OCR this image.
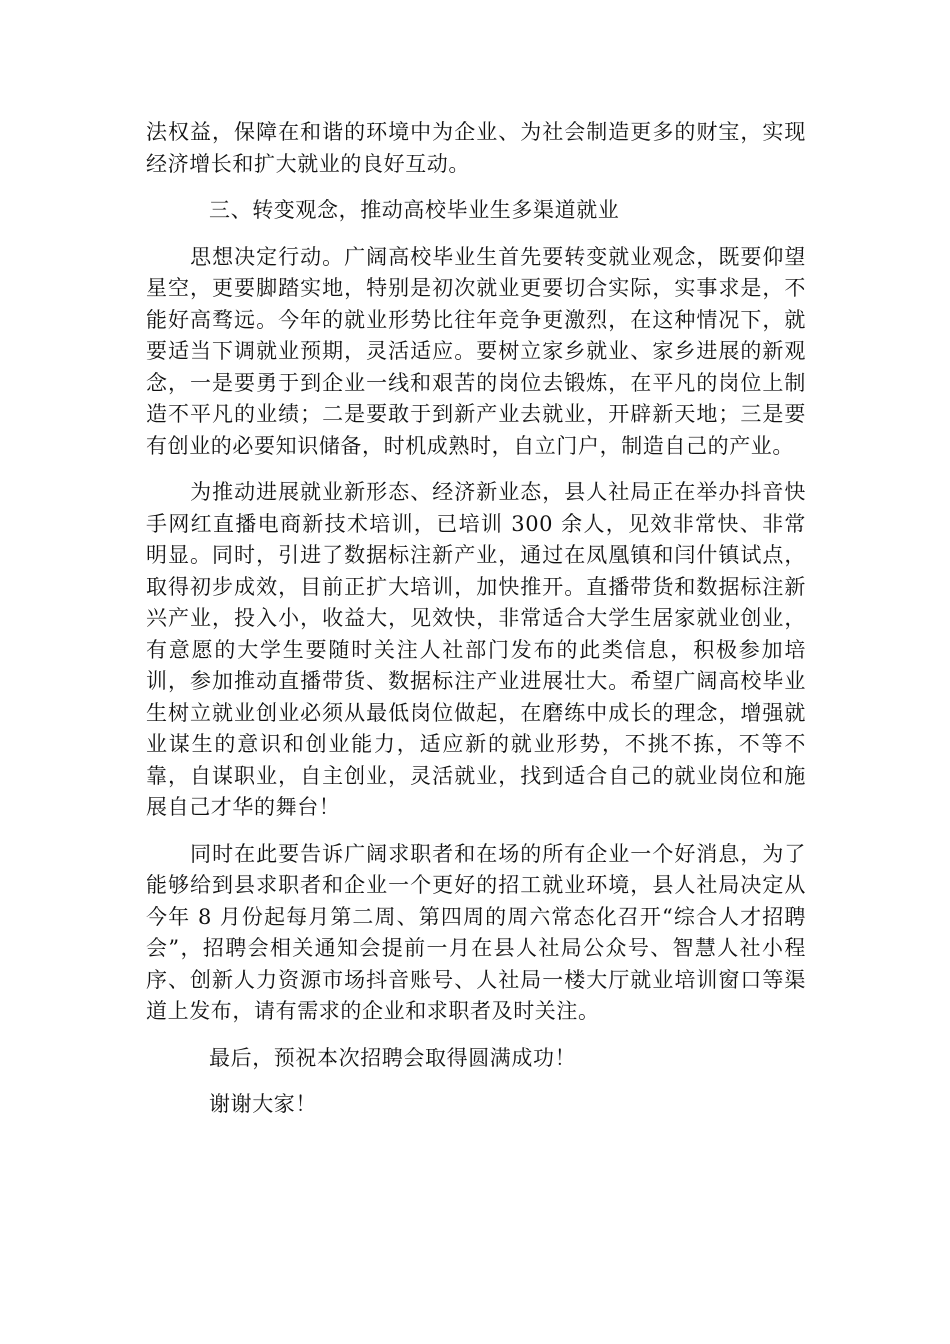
法权益，保障在和谐的环境中为企业、为社会制造更多的财宝，实现经济增长和扩大就业的良好互动。

三、转变观念，推动高校毕业生多渠道就业

思想决定行动。广阔高校毕业生首先要转变就业观念，既要仰望星空，更要脚踏实地，特别是初次就业更要切合实际，实事求是，不能好高骛远。今年的就业形势比往年竞争更激烈，在这种情况下，就要适当下调就业预期，灵活适应。要树立家乡就业、家乡进展的新观念，一是要勇于到企业一线和艰苦的岗位去锻炼，在平凡的岗位上制造不平凡的业绩；二是要敢于到新产业去就业，开辟新天地；三是要有创业的必要知识储备，时机成熟时，自立门户，制造自己的产业。

为推动进展就业新形态、经济新业态，县人社局正在举办抖音快手网红直播电商新技术培训，已培训 300 余人，见效非常快、非常明显。同时，引进了数据标注新产业，通过在凤凰镇和闫什镇试点，取得初步成效，目前正扩大培训，加快推开。直播带货和数据标注新兴产业，投入小，收益大，见效快，非常适合大学生居家就业创业，有意愿的大学生要随时关注人社部门发布的此类信息，积极参加培训，参加推动直播带货、数据标注产业进展壮大。希望广阔高校毕业生树立就业创业必须从最低岗位做起，在磨练中成长的理念，增强就业谋生的意识和创业能力，适应新的就业形势，不挑不拣，不等不靠，自谋职业，自主创业，灵活就业，找到适合自己的就业岗位和施展自己才华的舞台！

同时在此要告诉广阔求职者和在场的所有企业一个好消息，为了能够给到县求职者和企业一个更好的招工就业环境，县人社局决定从今年 8 月份起每月第二周、第四周的周六常态化召开“综合人才招聘会”，招聘会相关通知会提前一月在县人社局公众号、智慧人社小程序、创新人力资源市场抖音账号、人社局一楼大厅就业培训窗口等渠道上发布，请有需求的企业和求职者及时关注。

最后，预祝本次招聘会取得圆满成功！

谢谢大家！
